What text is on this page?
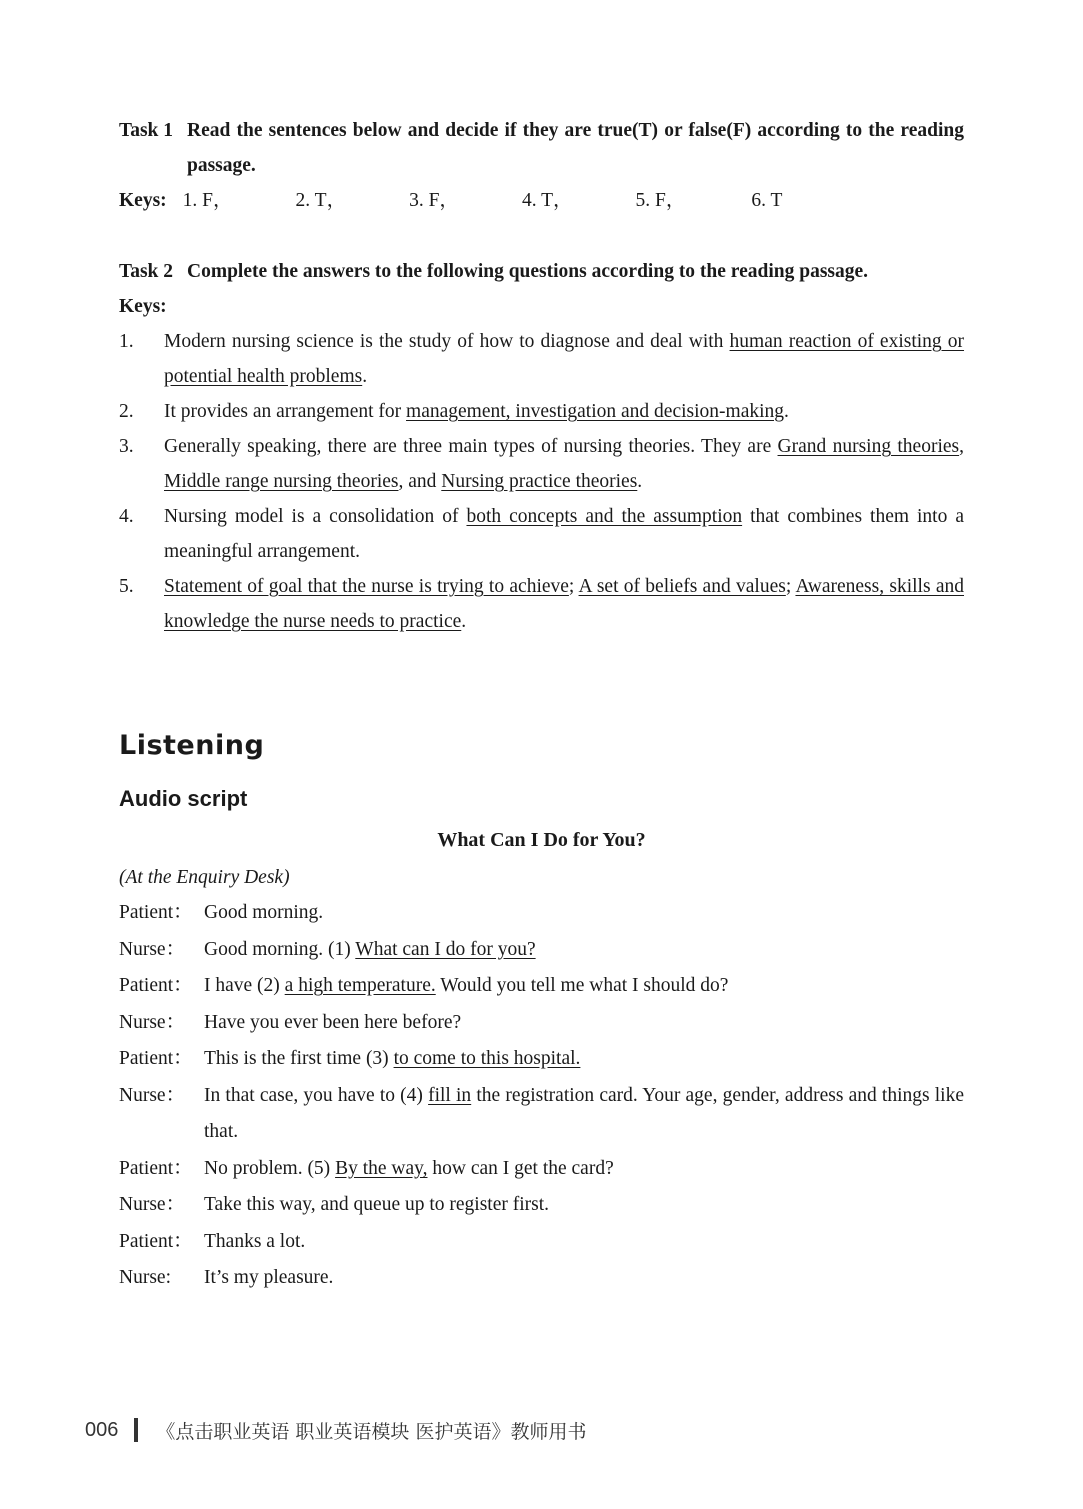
Task 1 Read the sentences below and decide if they are true(T) or false(F) according to the reading passage.
Keys: 1. F，	2. T，	3. F，	4. T，	5. F，	6. T
Task 2 Complete the answers to the following questions according to the reading passage.
Keys:
1.	Modern nursing science is the study of how to diagnose and deal with human reaction of existing or potential health problems.
2.	It provides an arrangement for management, investigation and decision-making.
3.	Generally speaking, there are three main types of nursing theories. They are Grand nursing theories, Middle range nursing theories, and Nursing practice theories.
4.	Nursing model is a consolidation of both concepts and the assumption that combines them into a meaningful arrangement.
5.	Statement of goal that the nurse is trying to achieve; A set of beliefs and values; Awareness, skills and knowledge the nurse needs to practice.
Listening
Audio script
What Can I Do for You?
(At the Enquiry Desk)
Patient： Good morning.
Nurse： Good morning. (1) What can I do for you?
Patient： I have (2) a high temperature. Would you tell me what I should do?
Nurse： Have you ever been here before?
Patient： This is the first time (3) to come to this hospital.
Nurse： In that case, you have to (4) fill in the registration card. Your age, gender, address and things like that.
Patient： No problem. (5) By the way, how can I get the card?
Nurse： Take this way, and queue up to register first.
Patient： Thanks a lot.
Nurse:	It’s my pleasure.
006 《点击职业英语 职业英语模块 医护英语》教师用书
